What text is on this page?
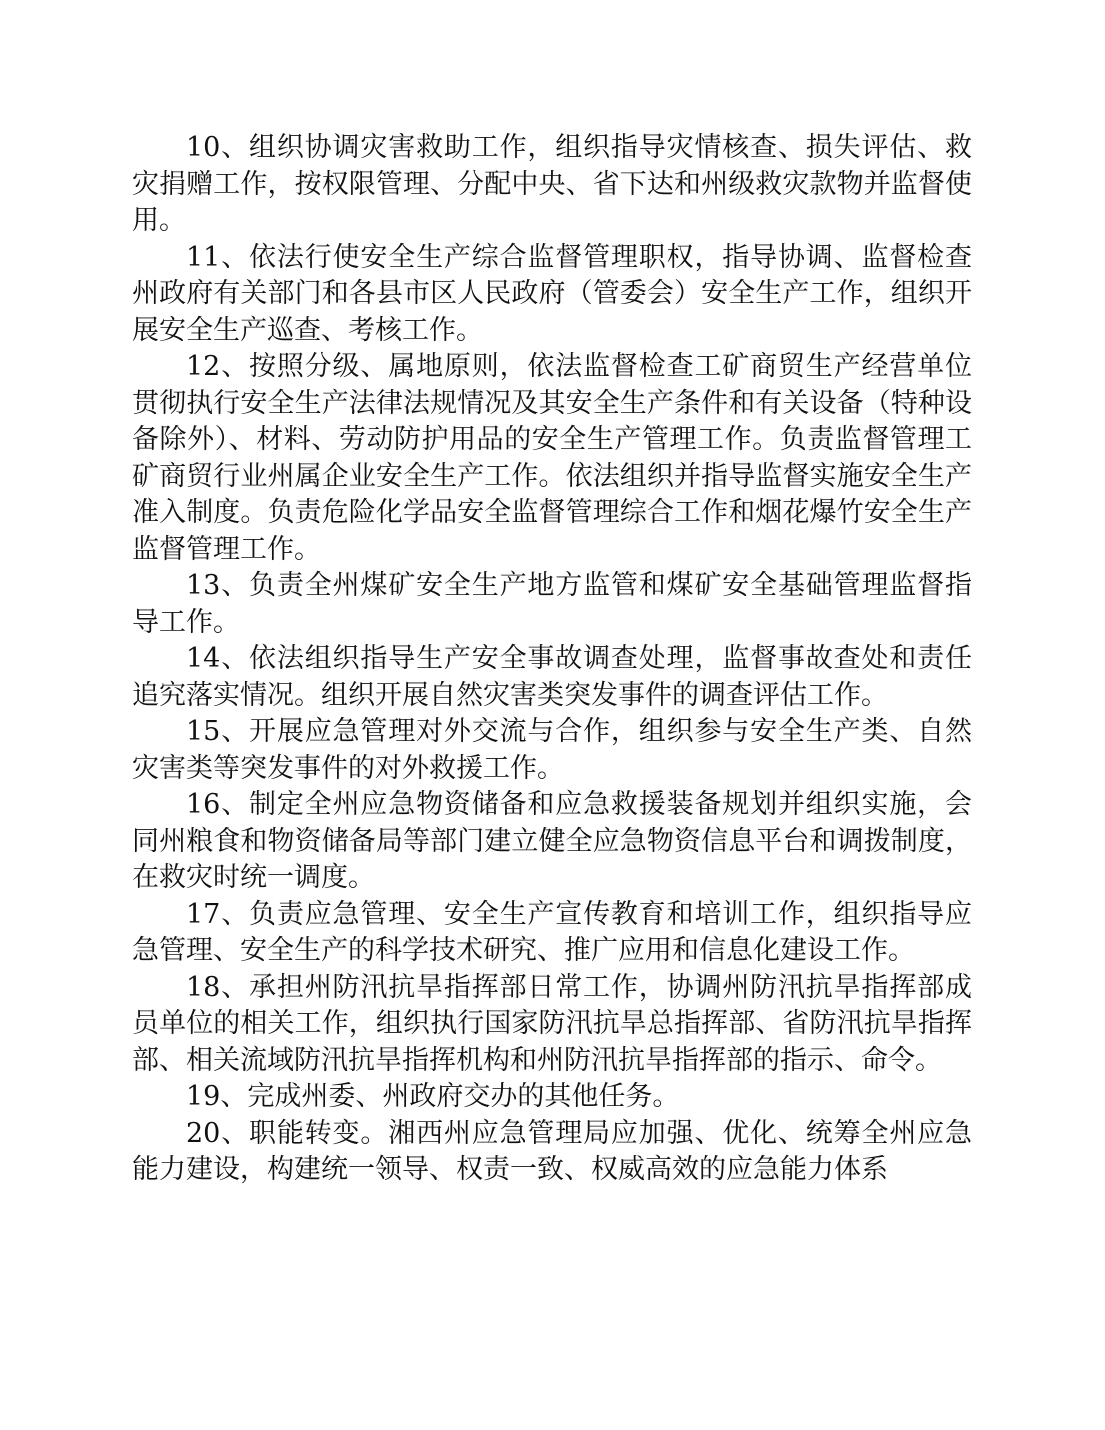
10、组织协调灾害救助工作，组织指导灾情核查、损失评估、救灾捐赠工作，按权限管理、分配中央、省下达和州级救灾款物并监督使用。

11、依法行使安全生产综合监督管理职权，指导协调、监督检查州政府有关部门和各县市区人民政府（管委会）安全生产工作，组织开展安全生产巡查、考核工作。

12、按照分级、属地原则，依法监督检查工矿商贸生产经营单位贯彻执行安全生产法律法规情况及其安全生产条件和有关设备（特种设备除外）、材料、劳动防护用品的安全生产管理工作。负责监督管理工矿商贸行业州属企业安全生产工作。依法组织并指导监督实施安全生产准入制度。负责危险化学品安全监督管理综合工作和烟花爆竹安全生产监督管理工作。

13、负责全州煤矿安全生产地方监管和煤矿安全基础管理监督指导工作。

14、依法组织指导生产安全事故调查处理，监督事故查处和责任追究落实情况。组织开展自然灾害类突发事件的调查评估工作。

15、开展应急管理对外交流与合作，组织参与安全生产类、自然灾害类等突发事件的对外救援工作。

16、制定全州应急物资储备和应急救援装备规划并组织实施，会同州粮食和物资储备局等部门建立健全应急物资信息平台和调拨制度，在救灾时统一调度。

17、负责应急管理、安全生产宣传教育和培训工作，组织指导应急管理、安全生产的科学技术研究、推广应用和信息化建设工作。

18、承担州防汛抗旱指挥部日常工作，协调州防汛抗旱指挥部成员单位的相关工作，组织执行国家防汛抗旱总指挥部、省防汛抗旱指挥部、相关流域防汛抗旱指挥机构和州防汛抗旱指挥部的指示、命令。

19、完成州委、州政府交办的其他任务。

20、职能转变。湘西州应急管理局应加强、优化、统筹全州应急能力建设，构建统一领导、权责一致、权威高效的应急能力体系
